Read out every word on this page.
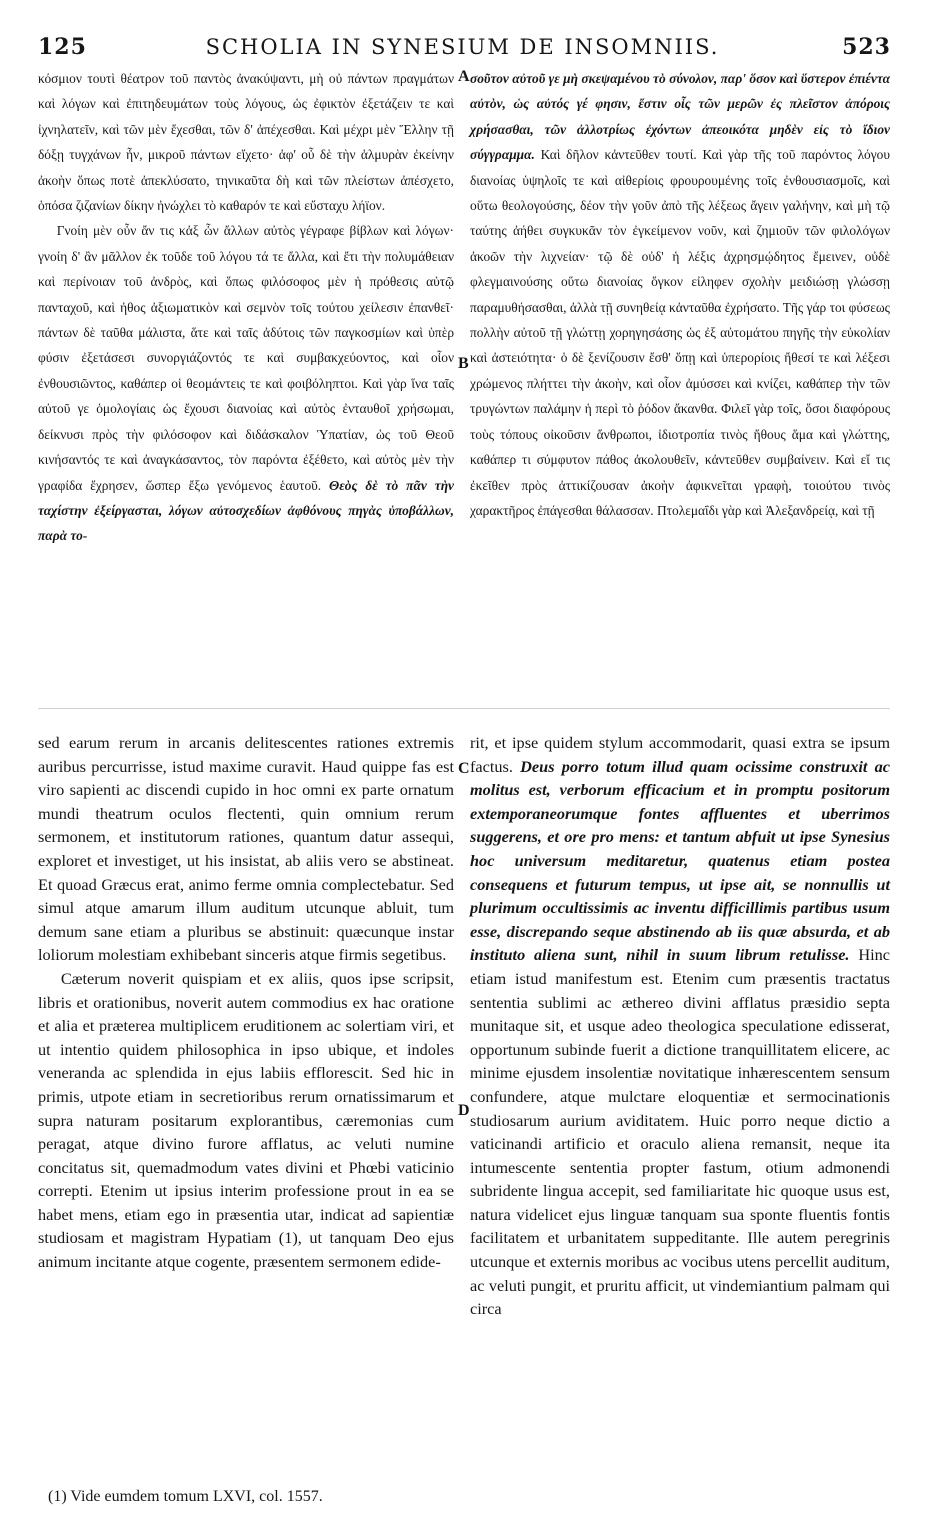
125	SCHOLIA IN SYNESIUM DE INSOMNIIS.	523

κόσμιον τουτὶ θέατρον τοῦ παντὸς ἀνακύψαντι, μὴ οὐ πάντων πραγμάτων καὶ λόγων καὶ ἐπιτηδευμάτων τοὺς λόγους, ὡς ἐφικτὸν ἐξετάζειν τε καὶ ἰχνηλατεῖν, καὶ τῶν μὲν ἔχεσθαι, τῶν δ' ἀπέχεσθαι. Καὶ μέχρι μὲν Ἕλλην τῇ δόξῃ τυγχάνων ἦν, μικροῦ πάντων εἴχετο· ἀφ' οὗ δὲ τὴν ἁλμυρὰν ἐκείνην ἀκοὴν ὅπως ποτὲ ἀπεκλύσατο, τηνικαῦτα δὴ καὶ τῶν πλείστων ἀπέσχετο, ὁπόσα ζιζανίων δίκην ἠνώχλει τὸ καθαρόν τε καὶ εὔσταχυ λήϊον.

Γνοίη μὲν οὖν ἄν τις κἀξ ὧν ἄλλων αὐτὸς γέγραφε βίβλων καὶ λόγων· γνοίη δ' ἂν μᾶλλον ἐκ τοῦδε τοῦ λόγου τά τε ἄλλα, καὶ ἔτι τὴν πολυμάθειαν καὶ περίνοιαν τοῦ ἀνδρὸς, καὶ ὅπως φιλόσοφος μὲν ἡ πρόθεσις αὐτῷ πανταχοῦ, καὶ ἠθος ἀξιωματικὸν καὶ σεμνὸν τοῖς τούτου χείλεσιν ἐπανθεῖ· πάντων δὲ ταῦθα μάλιστα, ἅτε καὶ ταῖς ἀδύτοις τῶν παγκοσμίων καὶ ὑπὲρ φύσιν ἐξετάσεσι συνοργιάζοντός τε καὶ συμβακχεύοντος, καὶ οἷον ἐνθουσιῶντος, καθάπερ οἱ θεομάντεις τε καὶ φοιβόληπτοι. Καὶ γὰρ ἵνα ταῖς αὐτοῦ γε ὁμολογίαις ὡς ἔχουσι διανοίας καὶ αὐτὸς ἐνταυθοῖ χρήσωμαι, δείκνυσι πρὸς τὴν φιλόσοφον καὶ διδάσκαλον Ὑπατίαν, ὡς τοῦ Θεοῦ κινήσαντός τε καὶ ἀναγκάσαντος, τὸν παρόντα ἐξέθετο, καὶ αὐτὸς μὲν τὴν γραφίδα ἔχρησεν, ὥσπερ ἔξω γενόμενος ἑαυτοῦ. Θεὸς δὲ τὸ πᾶν τὴν ταχίστην ἐξείργασται, λόγων αὐτοσχεδίων ἀφθόνους πηγὰς ὑποβάλλων, παρὰ το-

σοῦτον αὐτοῦ γε μὴ σκεψαμένου τὸ σύνολον, παρ' ὅσον καὶ ὕστερον ἐπιέντα αὐτὸν, ὡς αὐτός γέ φησιν, ἔστιν οἷς τῶν μερῶν ἐς πλεῖστον ἀπόροις χρήσασθαι, τῶν ἀλλοτρίως ἐχόντων ἀπεοικότα μηδὲν εἰς τὸ ἴδιον σύγγραμμα. Καὶ δῆλον κἀντεῦθεν τουτί. Καὶ γὰρ τῆς τοῦ παρόντος λόγου διανοίας ὑψηλοῖς τε καὶ αἰθερίοις φρουρουμένης τοῖς ἐνθουσιασμοῖς, καὶ οὕτω θεολογούσης, δέον τὴν γοῦν ἀπὸ τῆς λέξεως ἄγειν γαλήνην, καὶ μὴ τῷ ταύτης ἀήθει συγκυκᾶν τὸν ἐγκείμενον νοῦν, καὶ ζημιοῦν τῶν φιλολόγων ἀκοῶν τὴν λιχνείαν· τῷ δὲ οὐδ' ἡ λέξις ἀχρησμῴδητος ἔμεινεν, οὐδὲ φλεγμαινούσης οὕτω διανοίας ὄγκον εἰληφεν σχολὴν μειδιώσῃ γλώσσῃ παραμυθήσασθαι, ἀλλὰ τῇ συνηθείᾳ κἀνταῦθα ἐχρήσατο. Τῆς γάρ τοι φύσεως πολλὴν αὐτοῦ τῇ γλώττῃ χορηγησάσης ὡς ἐξ αὐτομάτου πηγῆς τὴν εὐκολίαν καὶ ἀστειότητα· ὁ δὲ ξενίζουσιν ἔσθ' ὅπῃ καὶ ὑπερορίοις ἤθεσί τε καὶ λέξεσι χρώμενος πλήττει τὴν ἀκοὴν, καὶ οἷον ἀμύσσει καὶ κνίζει, καθάπερ τὴν τῶν τρυγώντων παλάμην ἡ περὶ τὸ ῥόδον ἄκανθα. Φιλεῖ γὰρ τοῖς, ὅσοι διαφόρους τοὺς τόπους οἰκοῦσιν ἄνθρωποι, ἰδιοτροπία τινὸς ἤθους ἅμα καὶ γλώττης, καθάπερ τι σύμφυτον πάθος ἀκολουθεῖν, κἀντεῦθεν συμβαίνειν. Καὶ εἴ τις ἐκεῖθεν πρὸς ἀττικίζουσαν ἀκοὴν ἀφικνεῖται γραφὴ, τοιούτου τινὸς χαρακτῆρος ἐπάγεσθαι θάλασσαν. Πτολεμαΐδι γὰρ καὶ Ἀλεξανδρείᾳ, καὶ τῇ

A
B
C
D

sed earum rerum in arcanis delitescentes rationes extremis auribus percurrisse, istud maxime curavit. Haud quippe fas est viro sapienti ac discendi cupido in hoc omni ex parte ornatum mundi theatrum oculos flectenti, quin omnium rerum sermonem, et institutorum rationes, quantum datur assequi, exploret et investiget, ut his insistat, ab aliis vero se abstineat. Et quoad Græcus erat, animo ferme omnia complectebatur. Sed simul atque amarum illum auditum utcunque abluit, tum demum sane etiam a pluribus se abstinuit: quæcunque instar loliorum molestiam exhibebant sinceris atque firmis segetibus.

Cæterum noverit quispiam et ex aliis, quos ipse scripsit, libris et orationibus, noverit autem commodius ex hac oratione et alia et præterea multiplicem eruditionem ac solertiam viri, et ut intentio quidem philosophica in ipso ubique, et indoles veneranda ac splendida in ejus labiis efflorescit. Sed hic in primis, utpote etiam in secretioribus rerum ornatissimarum et supra naturam positarum explorantibus, cæremonias cum peragat, atque divino furore afflatus, ac veluti numine concitatus sit, quemadmodum vates divini et Phœbi vaticinio correpti. Etenim ut ipsius interim professione prout in ea se habet mens, etiam ego in præsentia utar, indicat ad sapientiæ studiosam et magistram Hypatiam (1), ut tanquam Deo ejus animum incitante atque cogente, præsentem sermonem edide-

rit, et ipse quidem stylum accommodarit, quasi extra se ipsum factus. Deus porro totum illud quam ocissime construxit ac molitus est, verborum efficacium et in promptu positorum extemporaneorumque fontes affluentes et uberrimos suggerens, et ore pro mens: et tantum abfuit ut ipse Synesius hoc universum meditaretur, quatenus etiam postea consequens et futurum tempus, ut ipse ait, se nonnullis ut plurimum occultissimis ac inventu difficillimis partibus usum esse, discrepando seque abstinendo ab iis quæ absurda, et ab instituto aliena sunt, nihil in suum librum retulisse. Hinc etiam istud manifestum est. Etenim cum præsentis tractatus sententia sublimi ac æthereo divini afflatus præsidio septa munitaque sit, et usque adeo theologica speculatione edisserat, opportunum subinde fuerit a dictione tranquillitatem elicere, ac minime ejusdem insolentiæ novitatique inhærescentem sensum confundere, atque mulctare eloquentiæ et sermocinationis studiosarum aurium aviditatem. Huic porro neque dictio a vaticinandi artificio et oraculo aliena remansit, neque ita intumescente sententia propter fastum, otium admonendi subridente lingua accepit, sed familiaritate hic quoque usus est, natura videlicet ejus linguæ tanquam sua sponte fluentis fontis facilitatem et urbanitatem suppeditante. Ille autem peregrinis utcunque et externis moribus ac vocibus utens percellit auditum, ac veluti pungit, et pruritu afficit, ut vindemiantium palmam qui circa

(1) Vide eumdem tomum LXVI, col. 1557.
